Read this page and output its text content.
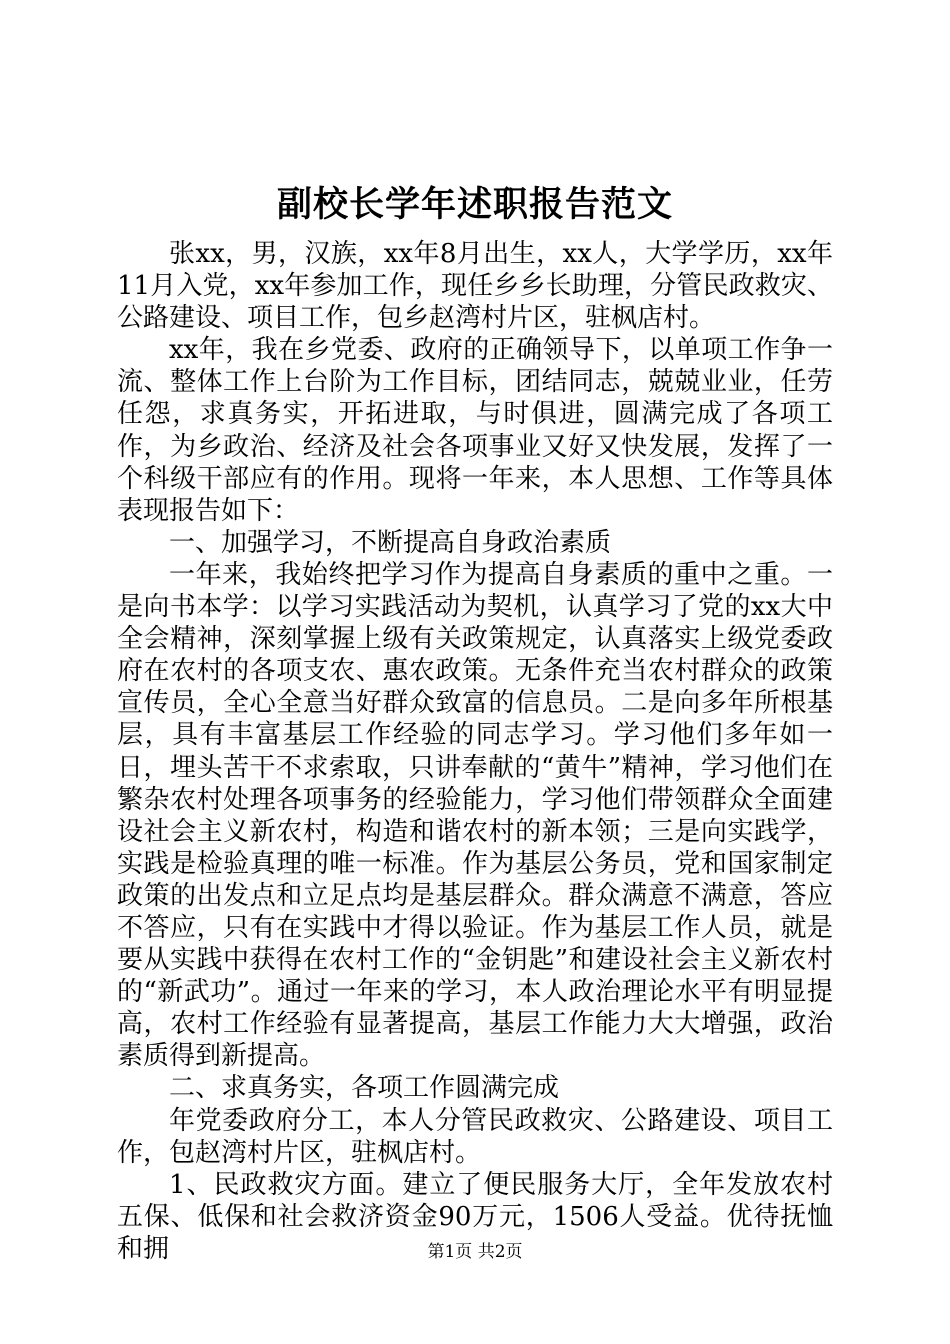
副校长学年述职报告范文

张xx，男，汉族，xx年8月出生，xx人，大学学历，xx年11月入党，xx年参加工作，现任乡乡长助理，分管民政救灾、公路建设、项目工作，包乡赵湾村片区，驻枫店村。

xx年，我在乡党委、政府的正确领导下，以单项工作争一流、整体工作上台阶为工作目标，团结同志，兢兢业业，任劳任怨，求真务实，开拓进取，与时俱进，圆满完成了各项工作，为乡政治、经济及社会各项事业又好又快发展，发挥了一个科级干部应有的作用。现将一年来，本人思想、工作等具体表现报告如下：

一、加强学习，不断提高自身政治素质

一年来，我始终把学习作为提高自身素质的重中之重。一是向书本学：以学习实践活动为契机，认真学习了党的xx大中全会精神，深刻掌握上级有关政策规定，认真落实上级党委政府在农村的各项支农、惠农政策。无条件充当农村群众的政策宣传员，全心全意当好群众致富的信息员。二是向多年所根基层，具有丰富基层工作经验的同志学习。学习他们多年如一日，埋头苦干不求索取，只讲奉献的“黄牛”精神，学习他们在繁杂农村处理各项事务的经验能力，学习他们带领群众全面建设社会主义新农村，构造和谐农村的新本领；三是向实践学，实践是检验真理的唯一标准。作为基层公务员，党和国家制定政策的出发点和立足点均是基层群众。群众满意不满意，答应不答应，只有在实践中才得以验证。作为基层工作人员，就是要从实践中获得在农村工作的“金钥匙”和建设社会主义新农村的“新武功”。通过一年来的学习，本人政治理论水平有明显提高，农村工作经验有显著提高，基层工作能力大大增强，政治素质得到新提高。

二、求真务实，各项工作圆满完成

年党委政府分工，本人分管民政救灾、公路建设、项目工作，包赵湾村片区，驻枫店村。

1、民政救灾方面。建立了便民服务大厅，全年发放农村五保、低保和社会救济资金90万元，1506人受益。优待抚恤和拥	第1页 共2页
